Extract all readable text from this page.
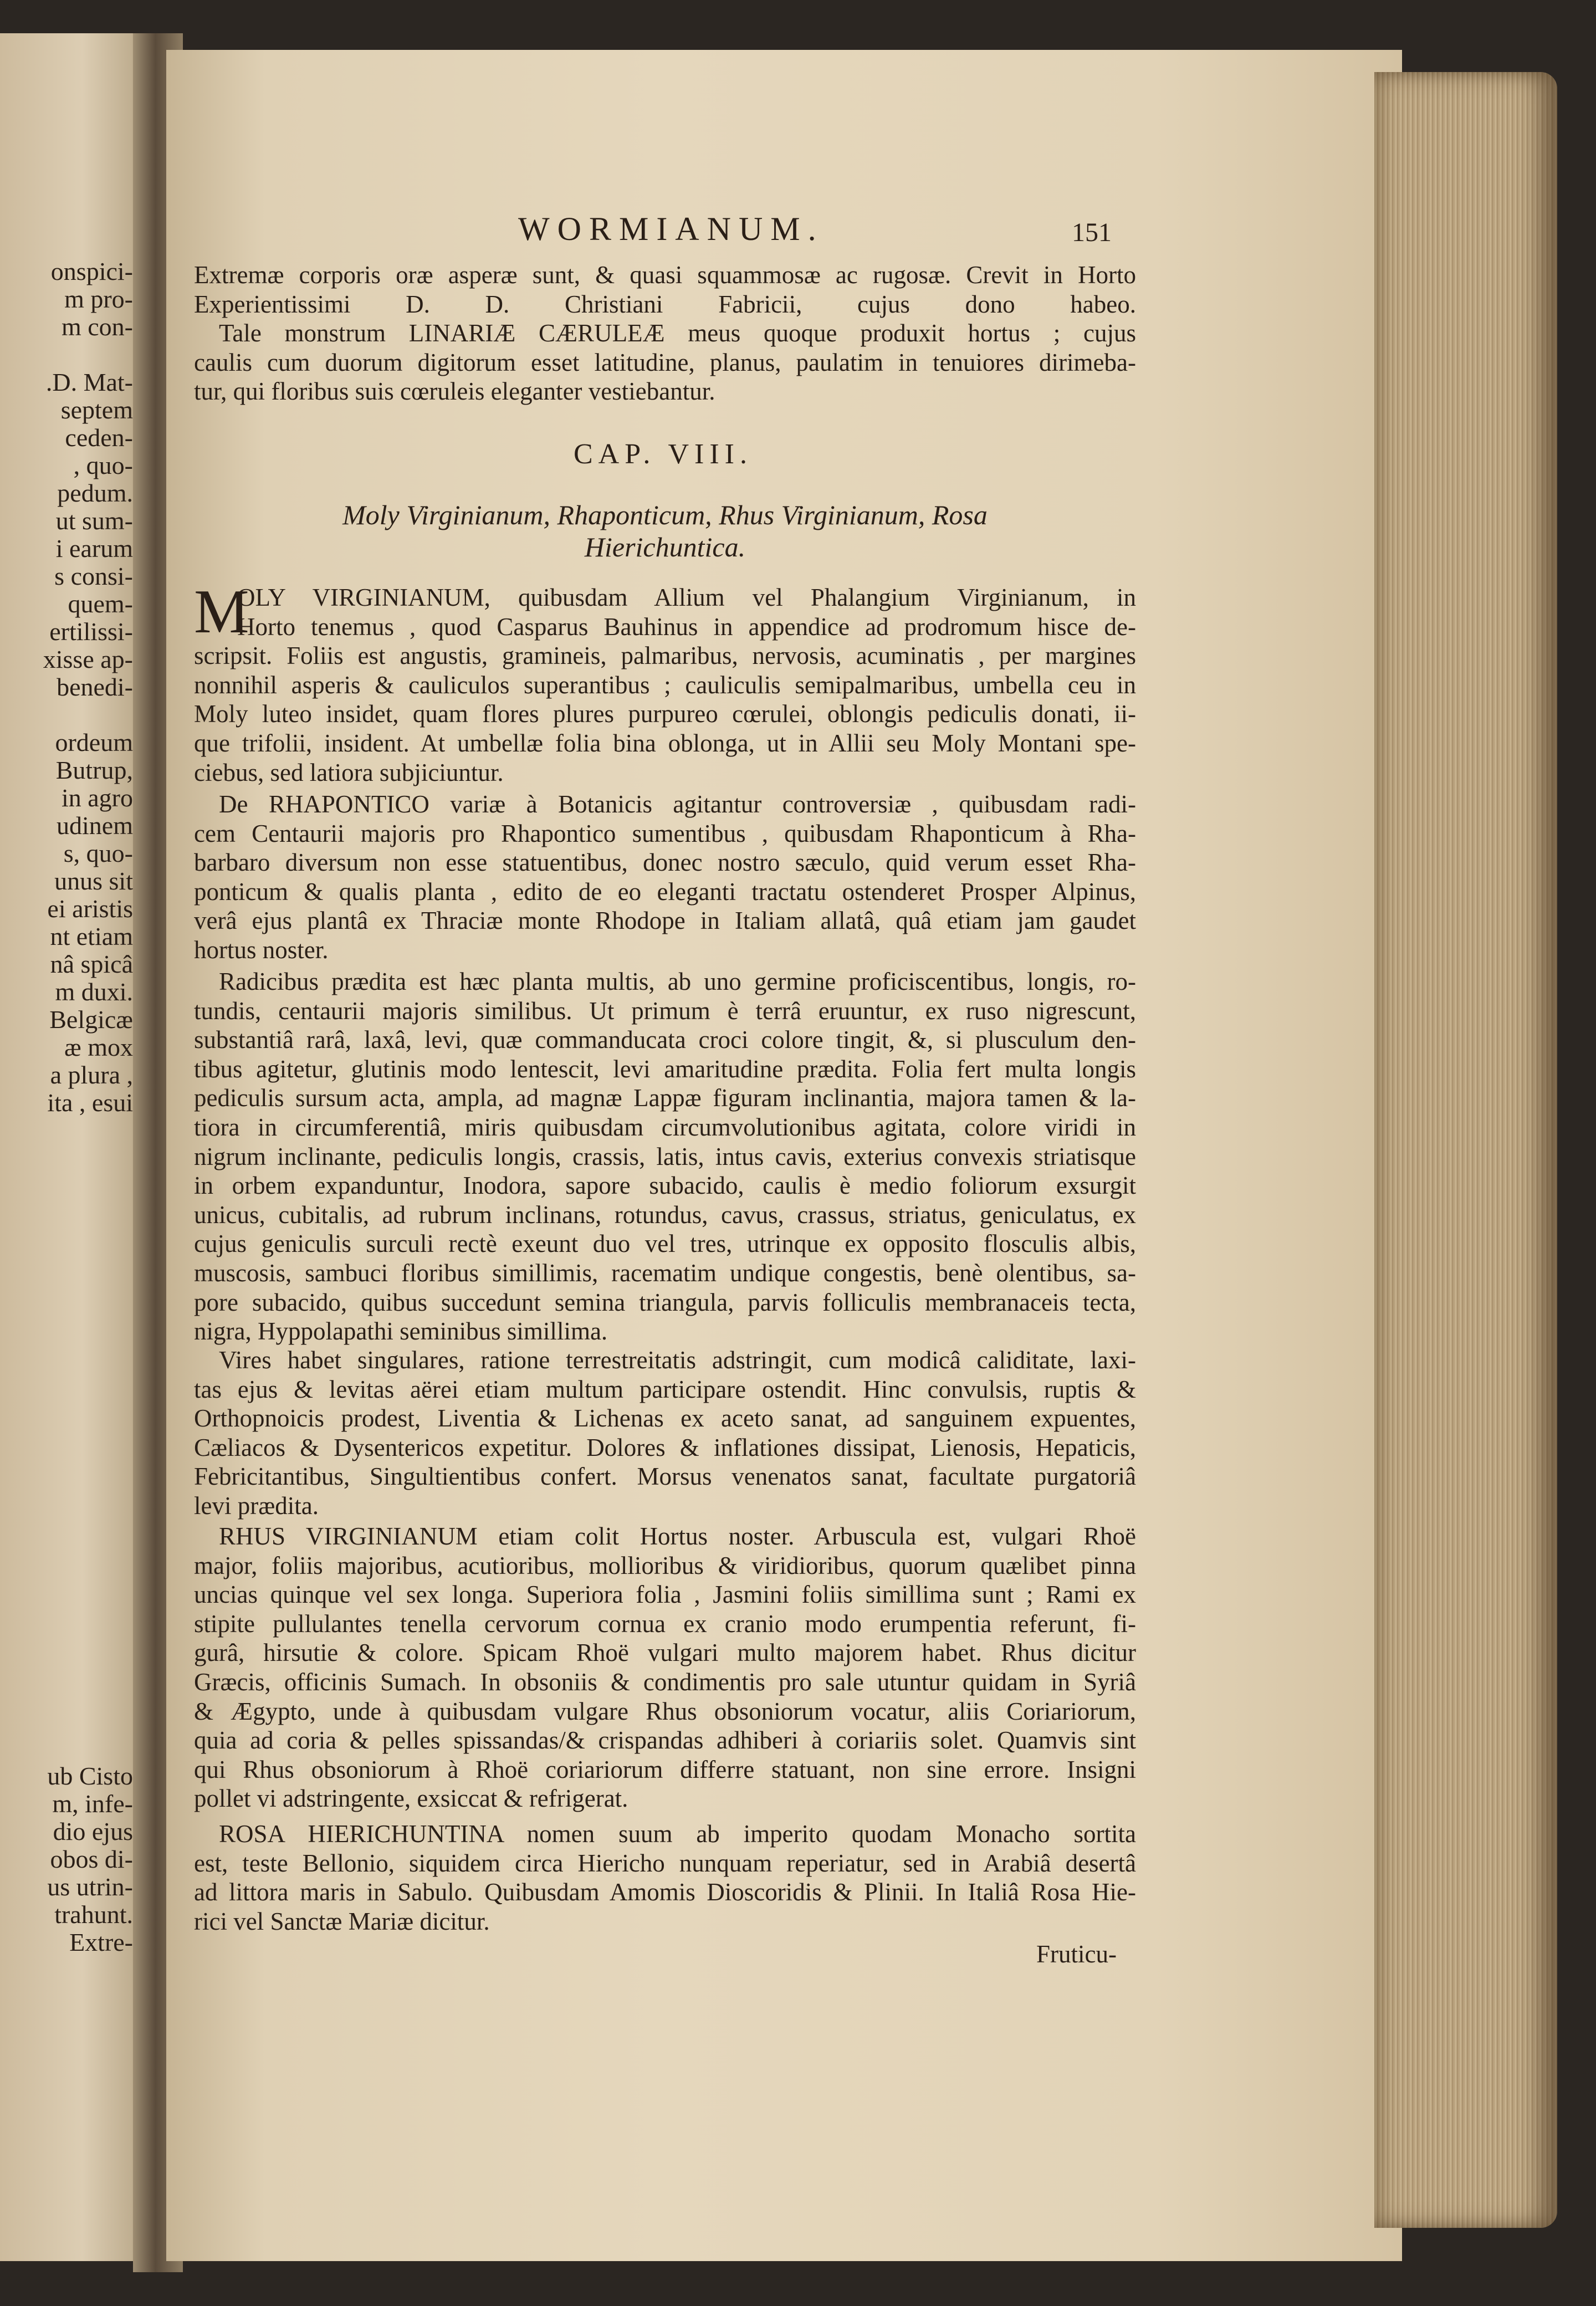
onspici-
m pro-
m con-
.D. Mat-
septem
ceden-
, quo-
pedum.
ut sum-
i earum
s consi-
quem-
ertilissi-
xisse ap-
benedi-
ordeum
Butrup,
in agro
udinem
s, quo-
unus sit
ei aristis
nt etiam
nâ spicâ
m duxi.
Belgicæ
æ mox
a plura ,
ita , esui
ub Cisto
m, infe-
dio ejus
obos di-
us utrin-
trahunt.
Extre-
WORMIANUM.	151
Extremæ corporis oræ asperæ sunt, & quasi squammosæ ac rugosæ. Crevit in Horto
Experientissimi D. D. Christiani Fabricii, cujus dono habeo.
Tale monstrum LINARIÆ CÆRULEÆ meus quoque produxit hortus ; cujus
caulis cum duorum digitorum esset latitudine, planus, paulatim in tenuiores dirimeba-
tur, qui floribus suis cœruleis eleganter vestiebantur.
CAP. VIII.
Moly Virginianum, Rhaponticum, Rhus Virginianum, Rosa
Hierichuntica.
OLY VIRGINIANUM, quibusdam Allium vel Phalangium Virginianum, in
Horto tenemus , quod Casparus Bauhinus in appendice ad prodromum hisce de-
scripsit. Foliis est angustis, gramineis, palmaribus, nervosis, acuminatis , per margines
nonnihil asperis & cauliculos superantibus ; cauliculis semipalmaribus, umbella ceu in
Moly luteo insidet, quam flores plures purpureo cœrulei, oblongis pediculis donati, ii-
que trifolii, insident. At umbellæ folia bina oblonga, ut in Allii seu Moly Montani spe-
ciebus, sed latiora subjiciuntur.
M
De RHAPONTICO variæ à Botanicis agitantur controversiæ , quibusdam radi-
cem Centaurii majoris pro Rhapontico sumentibus , quibusdam Rhaponticum à Rha-
barbaro diversum non esse statuentibus, donec nostro sæculo, quid verum esset Rha-
ponticum & qualis planta , edito de eo eleganti tractatu ostenderet Prosper Alpinus,
verâ ejus plantâ ex Thraciæ monte Rhodope in Italiam allatâ, quâ etiam jam gaudet
hortus noster.
Radicibus prædita est hæc planta multis, ab uno germine proficiscentibus, longis, ro-
tundis, centaurii majoris similibus. Ut primum è terrâ eruuntur, ex ruso nigrescunt,
substantiâ rarâ, laxâ, levi, quæ commanducata croci colore tingit, &, si plusculum den-
tibus agitetur, glutinis modo lentescit, levi amaritudine prædita. Folia fert multa longis
pediculis sursum acta, ampla, ad magnæ Lappæ figuram inclinantia, majora tamen & la-
tiora in circumferentiâ, miris quibusdam circumvolutionibus agitata, colore viridi in
nigrum inclinante, pediculis longis, crassis, latis, intus cavis, exterius convexis striatisque
in orbem expanduntur, Inodora, sapore subacido, caulis è medio foliorum exsurgit
unicus, cubitalis, ad rubrum inclinans, rotundus, cavus, crassus, striatus, geniculatus, ex
cujus geniculis surculi rectè exeunt duo vel tres, utrinque ex opposito flosculis albis,
muscosis, sambuci floribus simillimis, racematim undique congestis, benè olentibus, sa-
pore subacido, quibus succedunt semina triangula, parvis folliculis membranaceis tecta,
nigra, Hyppolapathi seminibus simillima.
Vires habet singulares, ratione terrestreitatis adstringit, cum modicâ caliditate, laxi-
tas ejus & levitas aërei etiam multum participare ostendit. Hinc convulsis, ruptis &
Orthopnoicis prodest, Liventia & Lichenas ex aceto sanat, ad sanguinem expuentes,
Cæliacos & Dysentericos expetitur. Dolores & inflationes dissipat, Lienosis, Hepaticis,
Febricitantibus, Singultientibus confert. Morsus venenatos sanat, facultate purgatoriâ
levi prædita.
RHUS VIRGINIANUM etiam colit Hortus noster. Arbuscula est, vulgari Rhoë
major, foliis majoribus, acutioribus, mollioribus & viridioribus, quorum quælibet pinna
uncias quinque vel sex longa. Superiora folia , Jasmini foliis simillima sunt ; Rami ex
stipite pullulantes tenella cervorum cornua ex cranio modo erumpentia referunt, fi-
gurâ, hirsutie & colore. Spicam Rhoë vulgari multo majorem habet. Rhus dicitur
Græcis, officinis Sumach. In obsoniis & condimentis pro sale utuntur quidam in Syriâ
& Ægypto, unde à quibusdam vulgare Rhus obsoniorum vocatur, aliis Coriariorum,
quia ad coria & pelles spissandas/& crispandas adhiberi à coriariis solet. Quamvis sint
qui Rhus obsoniorum à Rhoë coriariorum differre statuant, non sine errore. Insigni
pollet vi adstringente, exsiccat & refrigerat.
ROSA HIERICHUNTINA nomen suum ab imperito quodam Monacho sortita
est, teste Bellonio, siquidem circa Hiericho nunquam reperiatur, sed in Arabiâ desertâ
ad littora maris in Sabulo. Quibusdam Amomis Dioscoridis & Plinii. In Italiâ Rosa Hie-
rici vel Sanctæ Mariæ dicitur.
Fruticu-
